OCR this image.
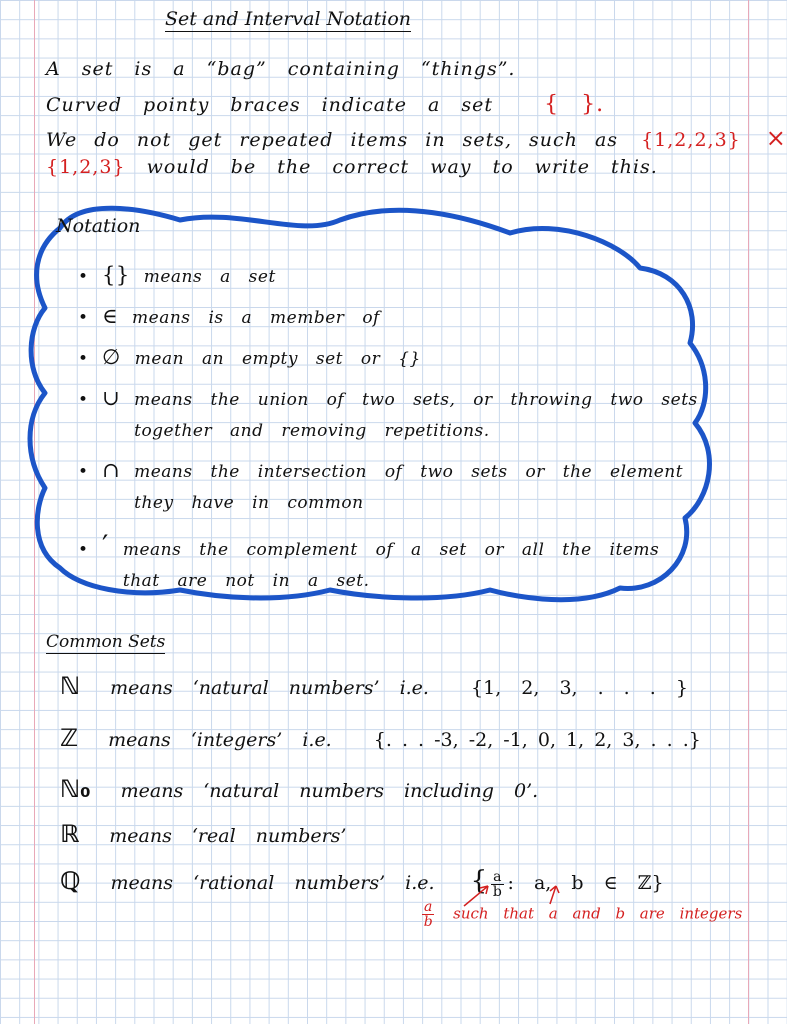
Set and Interval Notation
A set is a “bag” containing “things”.
Curved pointy braces indicate a set { }.
We do not get repeated items in sets, such as {1,2,2,3} ×
{1,2,3} would be the correct way to write this.
Notation
• {} means a set
• ∈ means is a member of
• ∅ mean an empty set or {}
• ∪ means the union of two sets, or throwing two sets together and removing repetitions.
• ∩ means the intersection of two sets or the element they have in common
• ′ means the complement of a set or all the items that are not in a set.
Common Sets
ℕ means ‘natural numbers’ i.e. {1, 2, 3, . . . }
ℤ means ‘integers’ i.e. {. . . -3, -2, -1, 0, 1, 2, 3, . . .}
ℕ₀ means ‘natural numbers including 0’.
ℝ means ‘real numbers’
ℚ means ‘rational numbers’ i.e. { $\frac{a}{b}$ : a, b ∈ ℤ}
$\frac{a}{b}$ such that a and b are integers
